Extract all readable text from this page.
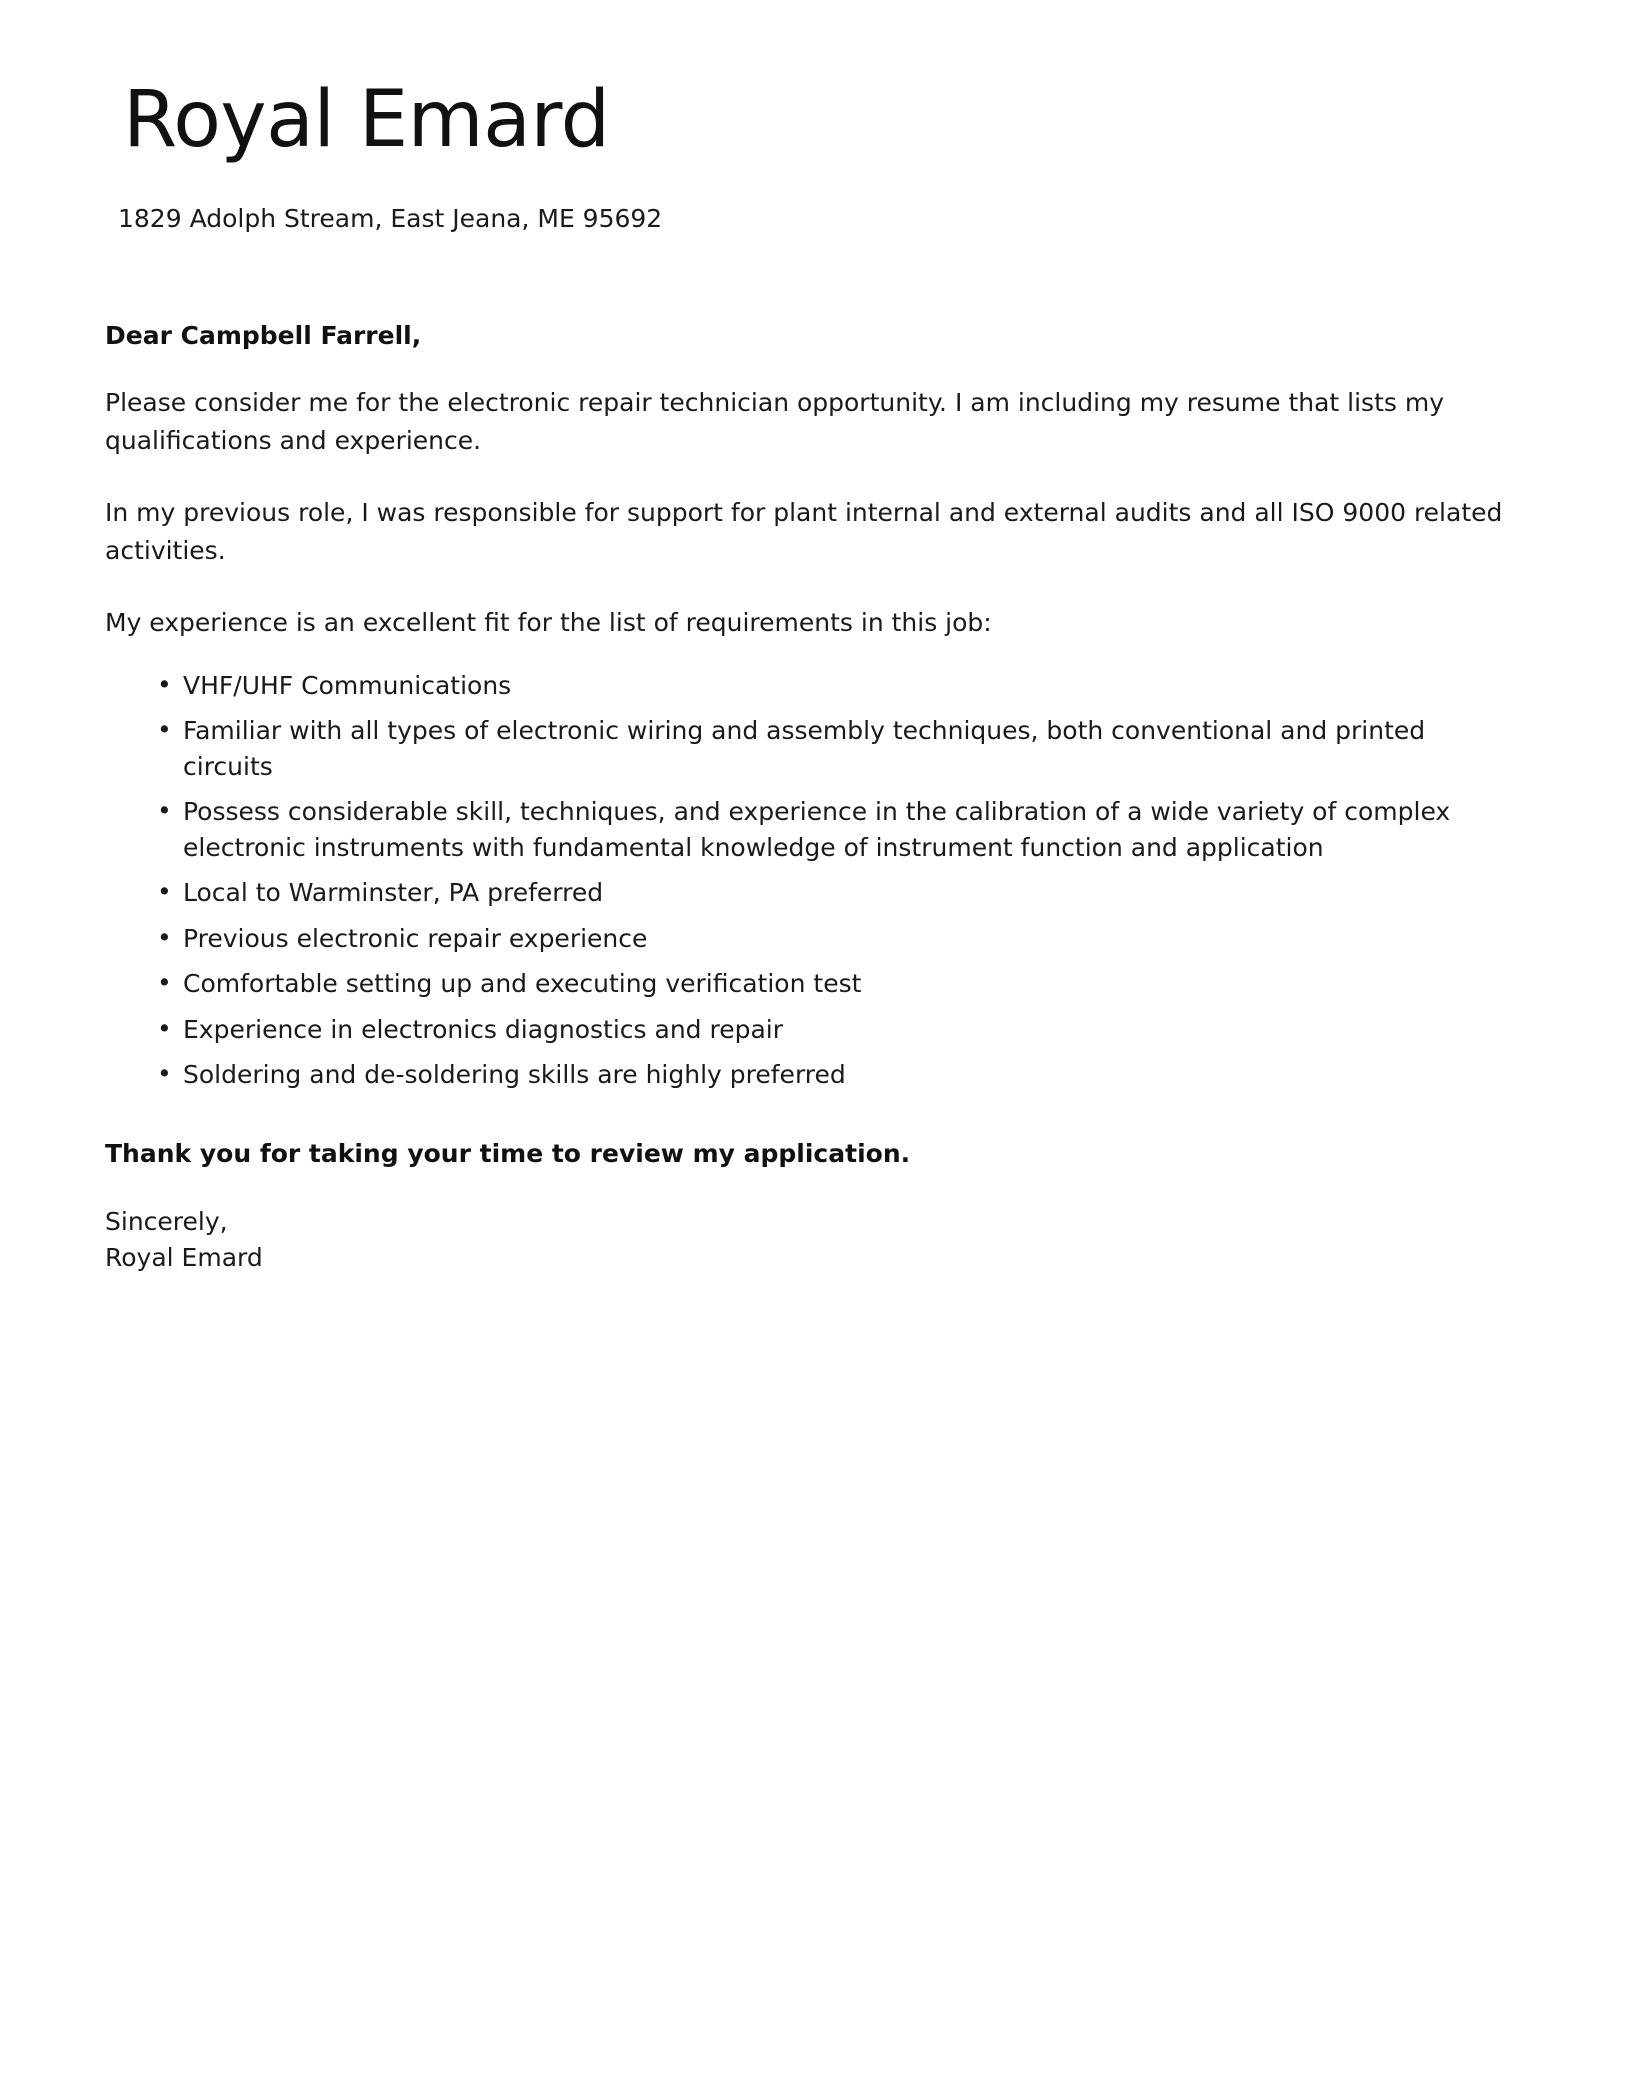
Royal Emard
1829 Adolph Stream, East Jeana, ME 95692
Dear Campbell Farrell,

Please consider me for the electronic repair technician opportunity. I am including my resume that lists my qualifications and experience.

In my previous role, I was responsible for support for plant internal and external audits and all ISO 9000 related activities.

My experience is an excellent fit for the list of requirements in this job:

• VHF/UHF Communications
• Familiar with all types of electronic wiring and assembly techniques, both conventional and printed circuits
• Possess considerable skill, techniques, and experience in the calibration of a wide variety of complex electronic instruments with fundamental knowledge of instrument function and application
• Local to Warminster, PA preferred
• Previous electronic repair experience
• Comfortable setting up and executing verification test
• Experience in electronics diagnostics and repair
• Soldering and de-soldering skills are highly preferred
Thank you for taking your time to review my application.
Sincerely,
Royal Emard
